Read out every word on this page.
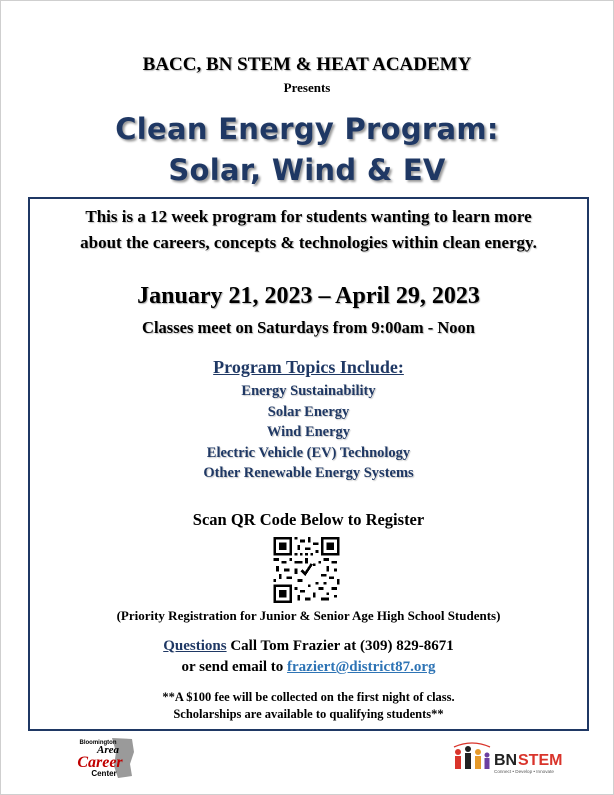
BACC, BN STEM & HEAT ACADEMY
Presents
Clean Energy Program:
Solar, Wind & EV
This is a 12 week program for students wanting to learn more
about the careers, concepts & technologies within clean energy.
January 21, 2023 – April 29, 2023
Classes meet on Saturdays from 9:00am - Noon
Program Topics Include:
Energy Sustainability
Solar Energy
Wind Energy
Electric Vehicle (EV) Technology
Other Renewable Energy Systems
Scan QR Code Below to Register
(Priority Registration for Junior & Senior Age High School Students)
Questions Call Tom Frazier at (309) 829-8671
or send email to fraziert@district87.org
**A $100 fee will be collected on the first night of class.
Scholarships are available to qualifying students**
Bloomington
Area
Career
Center
BN STEM
Connect • Develop • Innovate
